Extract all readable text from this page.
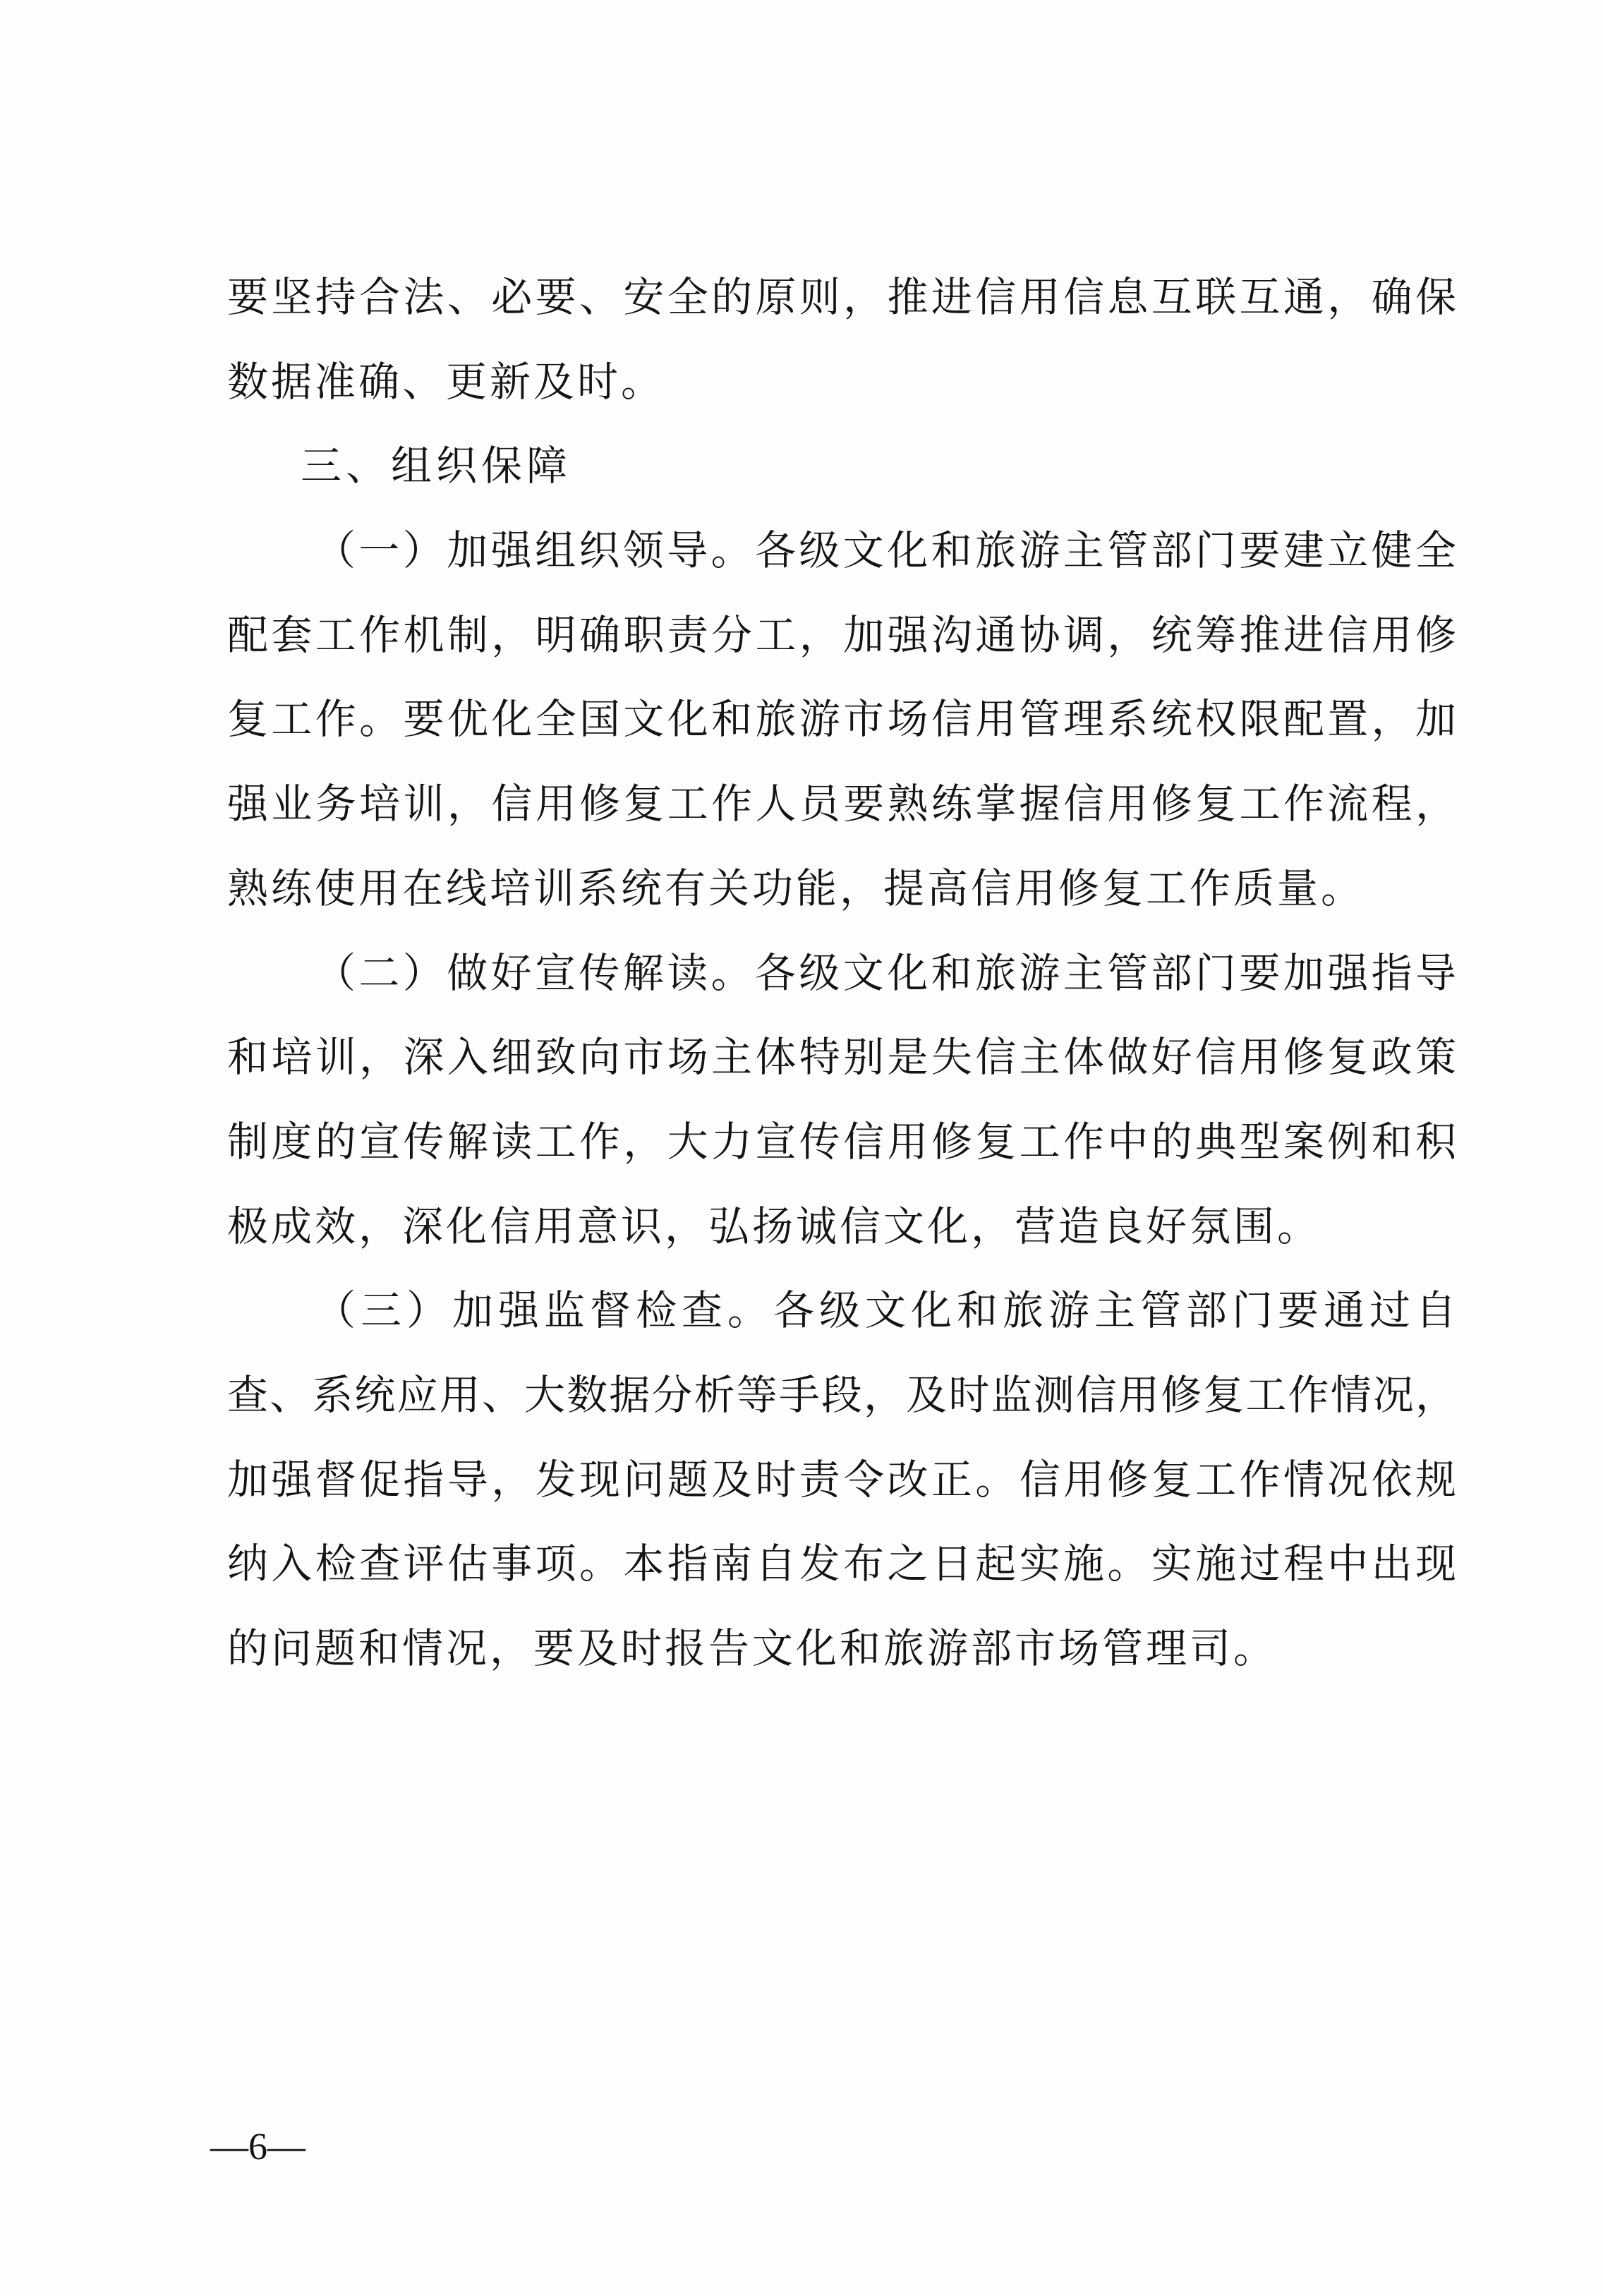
要坚持合法、必要、安全的原则，推进信用信息互联互通，确保
数据准确、更新及时。
三、组织保障
（一）加强组织领导。各级文化和旅游主管部门要建立健全
配套工作机制，明确职责分工，加强沟通协调，统筹推进信用修
复工作。要优化全国文化和旅游市场信用管理系统权限配置，加
强业务培训，信用修复工作人员要熟练掌握信用修复工作流程，
熟练使用在线培训系统有关功能，提高信用修复工作质量。
（二）做好宣传解读。各级文化和旅游主管部门要加强指导
和培训，深入细致向市场主体特别是失信主体做好信用修复政策
制度的宣传解读工作，大力宣传信用修复工作中的典型案例和积
极成效，深化信用意识，弘扬诚信文化，营造良好氛围。
（三）加强监督检查。各级文化和旅游主管部门要通过自
查、系统应用、大数据分析等手段，及时监测信用修复工作情况，
加强督促指导，发现问题及时责令改正。信用修复工作情况依规
纳入检查评估事项。本指南自发布之日起实施。实施过程中出现
的问题和情况，要及时报告文化和旅游部市场管理司。
—6—
